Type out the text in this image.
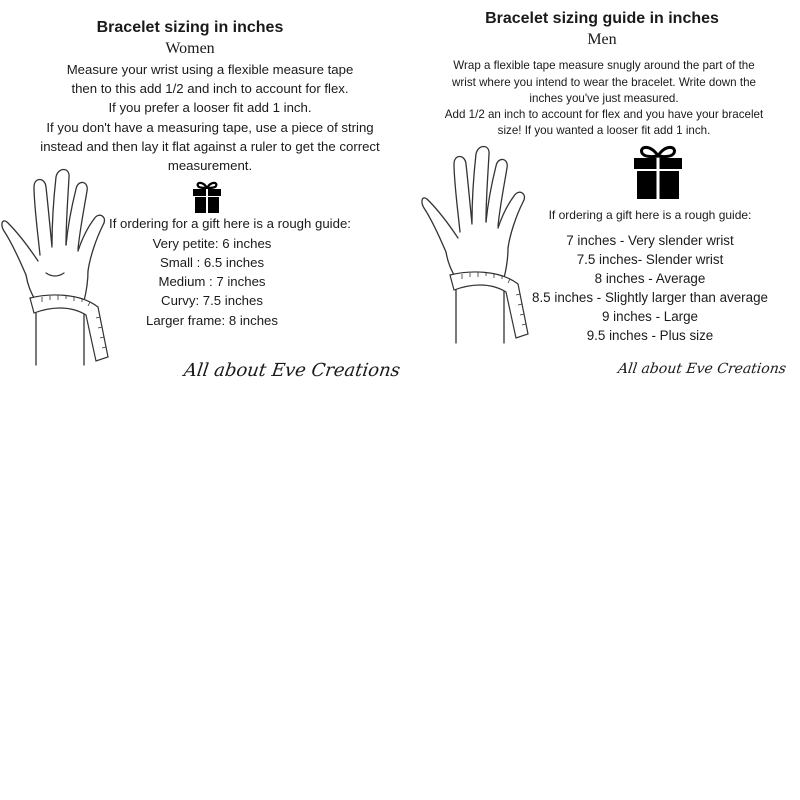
Bracelet sizing in inches
Women
Measure your wrist using a flexible measure tape
then to this add 1/2 and inch to account for flex.
If you prefer a looser fit add 1 inch.
If you don't have a measuring tape, use a piece of string
instead and then lay it flat against a ruler to get the correct
measurement.
If ordering for a gift here is a rough guide:
Very petite: 6 inches
Small : 6.5 inches
Medium : 7 inches
Curvy: 7.5 inches
Larger frame: 8 inches
All about Eve Creations
Bracelet sizing guide in inches
Men
Wrap a flexible tape measure snugly around the part of the
wrist where you intend to wear the bracelet. Write down the
inches you've just measured.
Add 1/2 an inch to account for flex and you have your bracelet
size! If you wanted a looser fit add 1 inch.
If ordering a gift here is a rough guide:
7 inches - Very slender wrist
7.5 inches- Slender wrist
8 inches - Average
8.5 inches - Slightly larger than average
9 inches - Large
9.5 inches - Plus size
All about Eve Creations
